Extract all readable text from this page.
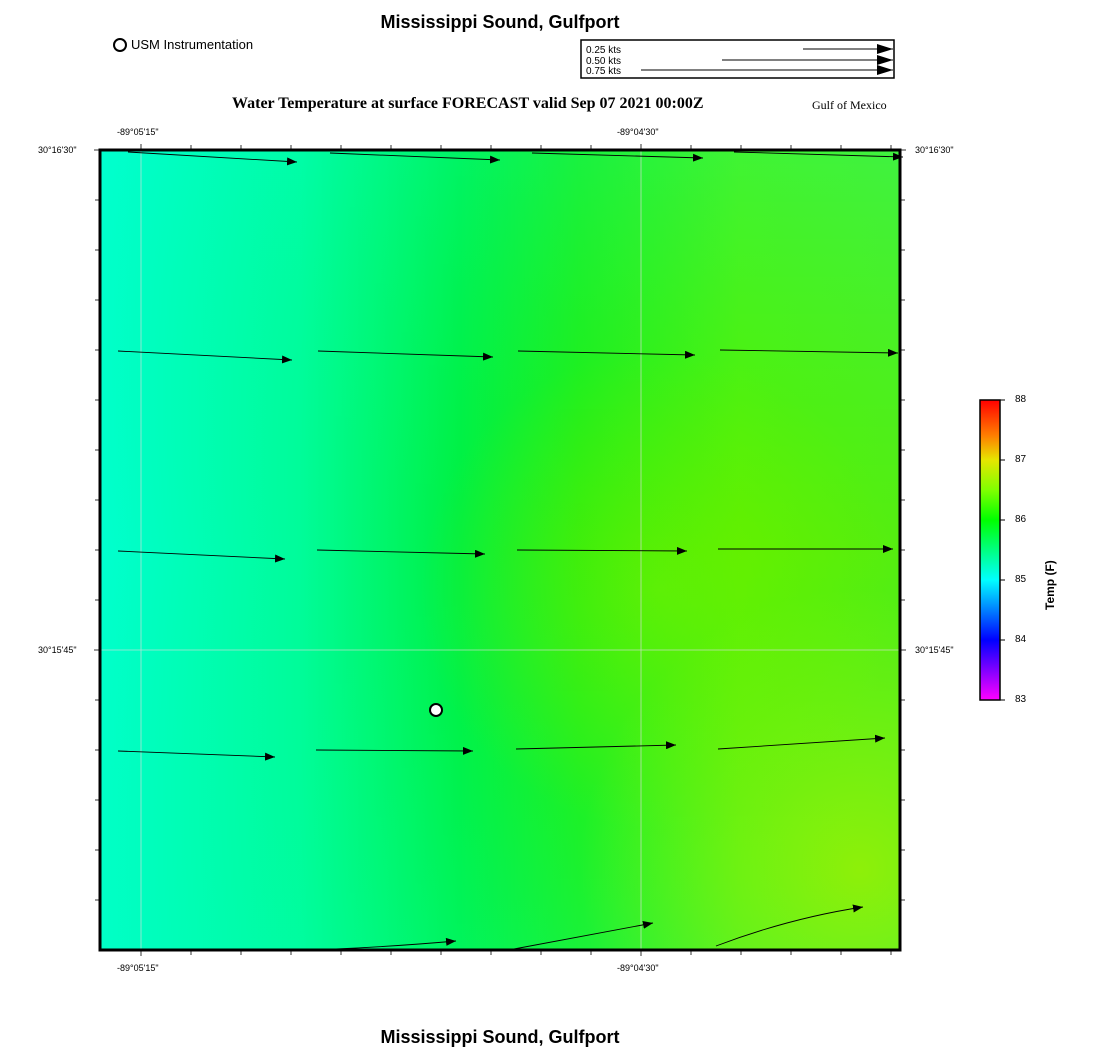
Mississippi Sound, Gulfport
USM Instrumentation
Water Temperature at surface FORECAST valid Sep 07 2021 00:00Z	Gulf of Mexico
0.25 kts
0.50 kts
0.75 kts
-89°05'15"	-89°04'30"
-89°05'15"	-89°04'30"
30°16'30"
30°15'45"
30°16'30"
30°15'45"
88
87
86
85
84
83
Temp (F)
Mississippi Sound, Gulfport
